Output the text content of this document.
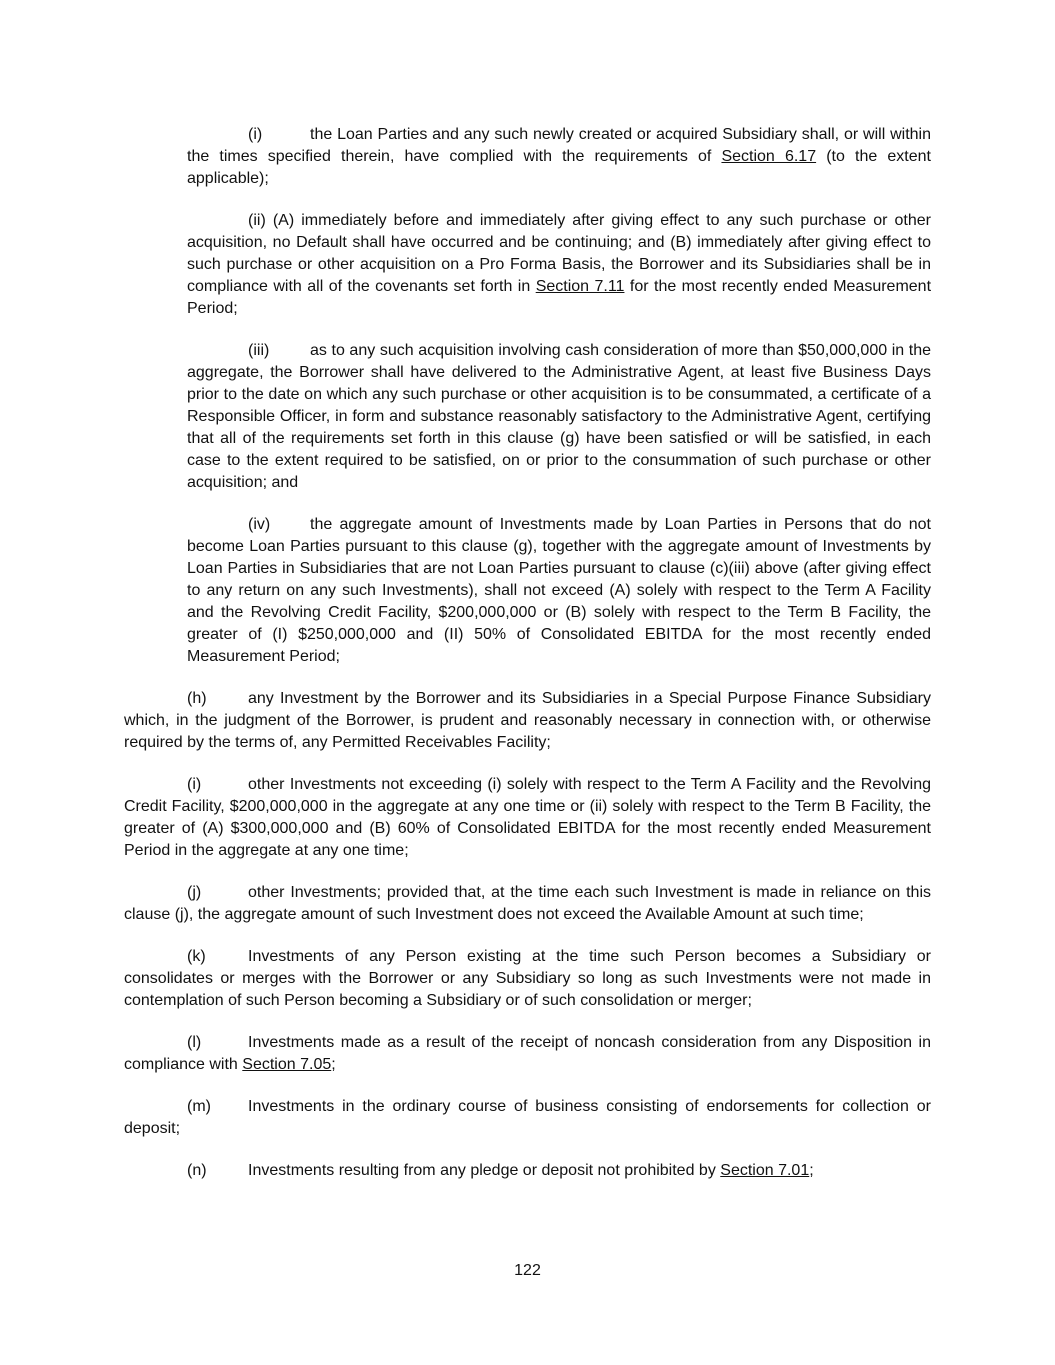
(i)	the Loan Parties and any such newly created or acquired Subsidiary shall, or will within the times specified therein, have complied with the requirements of Section 6.17 (to the extent applicable);

(ii) (A) immediately before and immediately after giving effect to any such purchase or other acquisition, no Default shall have occurred and be continuing; and (B) immediately after giving effect to such purchase or other acquisition on a Pro Forma Basis, the Borrower and its Subsidiaries shall be in compliance with all of the covenants set forth in Section 7.11 for the most recently ended Measurement Period;

(iii)	as to any such acquisition involving cash consideration of more than $50,000,000 in the aggregate, the Borrower shall have delivered to the Administrative Agent, at least five Business Days prior to the date on which any such purchase or other acquisition is to be consummated, a certificate of a Responsible Officer, in form and substance reasonably satisfactory to the Administrative Agent, certifying that all of the requirements set forth in this clause (g) have been satisfied or will be satisfied, in each case to the extent required to be satisfied, on or prior to the consummation of such purchase or other acquisition; and

(iv) the aggregate amount of Investments made by Loan Parties in Persons that do not become Loan Parties pursuant to this clause (g), together with the aggregate amount of Investments by Loan Parties in Subsidiaries that are not Loan Parties pursuant to clause (c)(iii) above (after giving effect to any return on any such Investments), shall not exceed (A) solely with respect to the Term A Facility and the Revolving Credit Facility, $200,000,000 or (B) solely with respect to the Term B Facility, the greater of (I) $250,000,000 and (II) 50% of Consolidated EBITDA for the most recently ended Measurement Period;

(h)	any Investment by the Borrower and its Subsidiaries in a Special Purpose Finance Subsidiary which, in the judgment of the Borrower, is prudent and reasonably necessary in connection with, or otherwise required by the terms of, any Permitted Receivables Facility;

(i)	other Investments not exceeding (i) solely with respect to the Term A Facility and the Revolving Credit Facility, $200,000,000 in the aggregate at any one time or (ii) solely with respect to the Term B Facility, the greater of (A) $300,000,000 and (B) 60% of Consolidated EBITDA for the most recently ended Measurement Period in the aggregate at any one time;

(j)	other Investments; provided that, at the time each such Investment is made in reliance on this clause (j), the aggregate amount of such Investment does not exceed the Available Amount at such time;

(k)	Investments of any Person existing at the time such Person becomes a Subsidiary or consolidates or merges with the Borrower or any Subsidiary so long as such Investments were not made in contemplation of such Person becoming a Subsidiary or of such consolidation or merger;

(l)	Investments made as a result of the receipt of noncash consideration from any Disposition in compliance with Section 7.05;

(m) Investments in the ordinary course of business consisting of endorsements for collection or deposit;

(n)	Investments resulting from any pledge or deposit not prohibited by Section 7.01;

122
